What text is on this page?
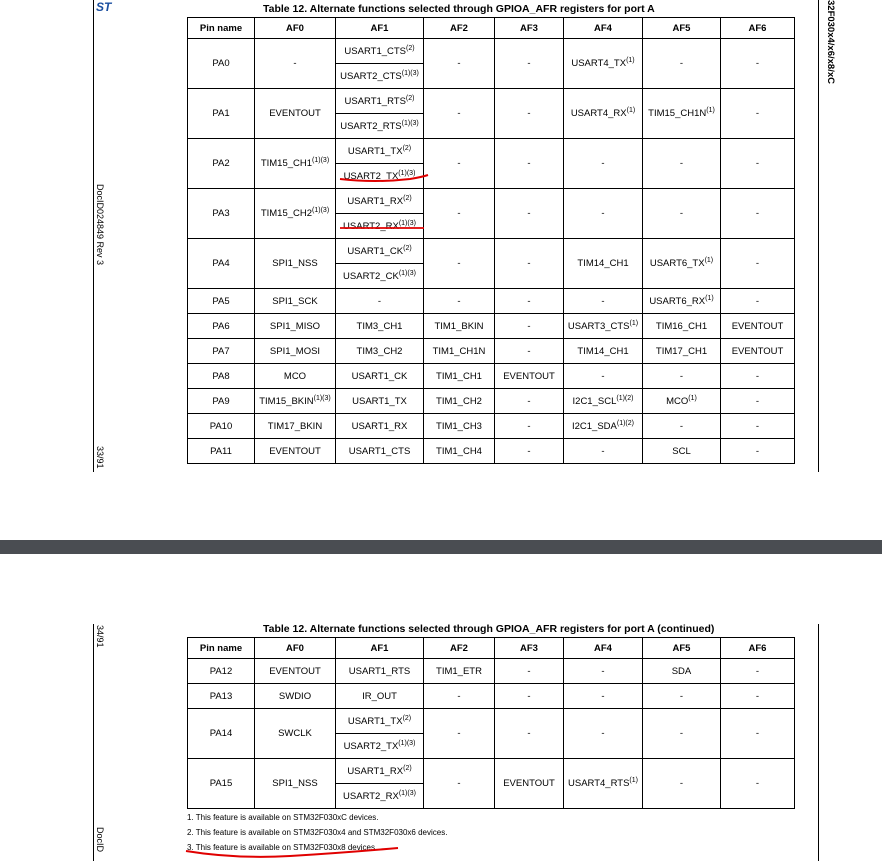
ST	Table 12. Alternate functions selected through GPIOA_AFR registers for port A
Pin name	AF0	AF1	AF2	AF3	AF4	AF5	AF6
PA0	-	USART1_CTS$^{(2)}$	-	-	USART4_TX$^{(1)}$	-	-
		$USART2\_CTS^{(1)(3)}$
PA1	EVENTOUT	USART1_RTS$^{(2)}$	-	-	USART4_RX$^{(1)}$	$TIM15\_CH1N^{(1)}$	-
		$USART2\_RTS^{(1)(3)}$
PA2	$TIM15\_CH1^{(1)(3)}$	USART1_TX$^{(2)}$	-	-	-	-	-
		$USART2\_TX^{(1)(3)}$
PA3	$TIM15\_CH2^{(1)(3)}$	USART1_RX$^{(2)}$	-	-	-	-	-
		$USART2\_RX^{(1)(3)}$
PA4	SPI1_NSS	USART1_CK$^{(2)}$	-	-	TIM14_CH1	USART6_TX$^{(1)}$	-
		$USART2\_CK^{(1)(3)}$
PA5	SPI1_SCK	-	-	-	-	USART6_RX$^{(1)}$	-
PA6	SPI1_MISO	TIM3_CH1	TIM1_BKIN	-	USART3_CTS$^{(1)}$	TIM16_CH1	EVENTOUT
PA7	SPI1_MOSI	TIM3_CH2	TIM1_CH1N	-	TIM14_CH1	TIM17_CH1	EVENTOUT
PA8	MCO	USART1_CK	TIM1_CH1	EVENTOUT	-	-	-
PA9	$TIM15\_BKIN^{(1)(3)}$	USART1_TX	TIM1_CH2	-	$I2C1\_SCL^{(1)(2)}$	MCO$^{(1)}$	-
PA10	TIM17_BKIN	USART1_RX	TIM1_CH3	-	$I2C1\_SDA^{(1)(2)}$	-	-
PA11	EVENTOUT	USART1_CTS	TIM1_CH4	-	-	SCL	-
DocID024849 Rev 3
33/91
32F030x4/x6/x8/xC
Table 12. Alternate functions selected through GPIOA_AFR registers for port A (continued)
Pin name	AF0	AF1	AF2	AF3	AF4	AF5	AF6
PA12	EVENTOUT	USART1_RTS	TIM1_ETR	-	-	SDA	-
PA13	SWDIO	IR_OUT	-	-	-	-	-
PA14	SWCLK	USART1_TX$^{(2)}$	-	-	-	-	-
		$USART2\_TX^{(1)(3)}$
PA15	SPI1_NSS	USART1_RX$^{(2)}$	-	EVENTOUT	USART4_RTS$^{(1)}$	-	-
		$USART2\_RX^{(1)(3)}$
1. This feature is available on STM32F030xC devices.
2. This feature is available on STM32F030x4 and STM32F030x6 devices.
3. This feature is available on STM32F030x8 devices.
34/91
DocID
